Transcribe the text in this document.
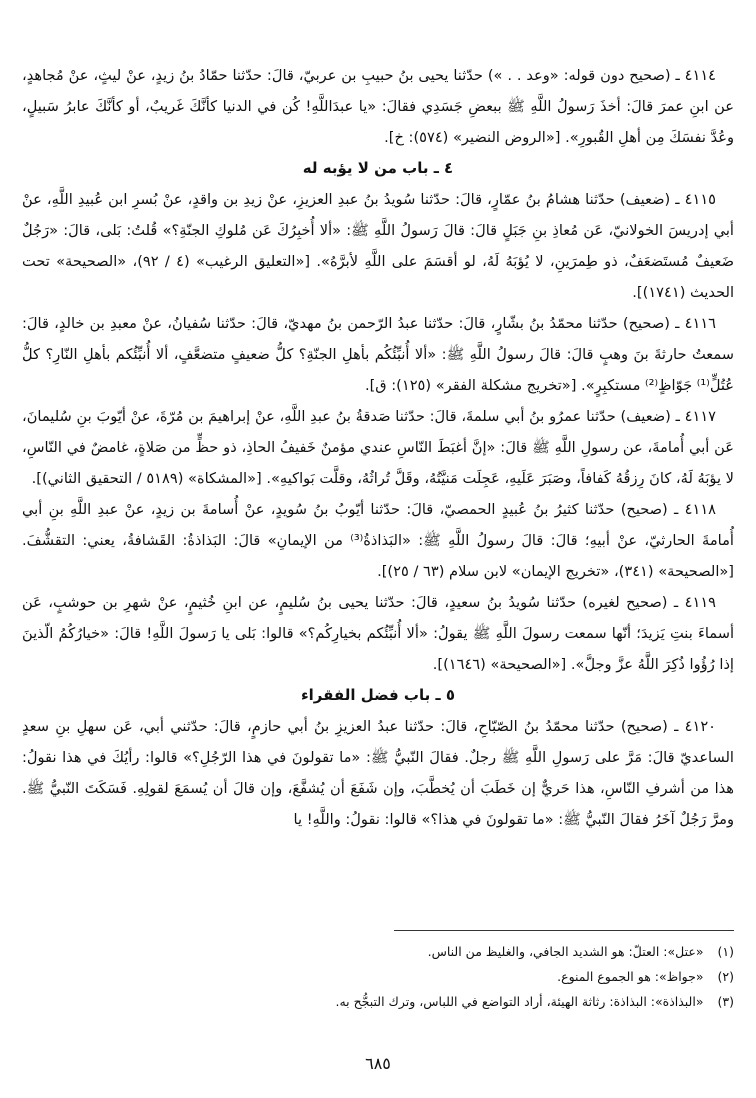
٤١١٤ ـ (صحيح دون قوله: «وعد . . ») حدّثنا يحيى بنُ حبيبِ بن عربيّ، قالَ: حدّثنا حمّادُ بنُ زيدٍ، عنْ ليثٍ، عنْ مُجاهدٍ، عن ابنِ عمرَ قالَ: أخذَ رَسولُ اللَّهِ ﷺ ببعضِ جَسَدِي فقالَ: «يا عبدَاللَّهِ! كُن في الدنيا كأنَّكَ غَريبٌ، أو كأنَّكَ عابرُ سَبيلٍ، وعُدَّ نفسَكَ مِن أهلِ القُبورِ». [«الروض النضير» (٥٧٤): خ].

٤ ـ باب من لا يؤبه له

٤١١٥ ـ (ضعيف) حدّثنا هشامُ بنُ عمّارٍ، قالَ: حدّثنا سُويدُ بنُ عبدِ العزيزِ، عنْ زيدِ بن واقدٍ، عنْ بُسرِ ابن عُبيدِ اللَّهِ، عنْ أبي إدريسَ الخولانيّ، عَن مُعاذِ بنِ جَبَلٍ قالَ: قالَ رَسولُ اللَّهِ ﷺ: «ألا أُخبِرُكَ عَن مُلوكِ الجنّةِ؟» قُلتُ: بَلى، قالَ: «رَجُلٌ ضَعيفٌ مُستَضعَفٌ، ذو طِمرَينِ، لا يُؤبَهُ لَهُ، لو أقسَمَ على اللَّهِ لأبرَّهُ». [«التعليق الرغيب» (٤ / ٩٢)، «الصحيحة» تحت الحديث (١٧٤١)].

٤١١٦ ـ (صحيح) حدّثنا محمّدُ بنُ بشّارٍ، قالَ: حدّثنا عبدُ الرّحمن بنُ مهديّ، قالَ: حدّثنا سُفيانُ، عنْ معبدِ بن خالدٍ، قالَ: سمعتُ حارثةَ بنَ وهبٍ قالَ: قالَ رسولُ اللَّهِ ﷺ: «ألا أُنبِّئُكُم بأهلِ الجنّةِ؟ كلُّ ضعيفٍ متضعَّفٍ، ألا أُنبِّئُكم بأهلِ النّارِ؟ كلُّ عُتُلٍّ⁽¹⁾ جَوّاظٍ⁽²⁾ مستكبِرٍ». [«تخريج مشكلة الفقر» (١٢٥): ق].

٤١١٧ ـ (ضعيف) حدّثنا عمرُو بنُ أبي سلمةَ، قالَ: حدّثنا صَدقةُ بنُ عبدِ اللَّهِ، عنْ إبراهيمَ بن مُرّةَ، عنْ أيّوبَ بنِ سُليمانَ، عَن أبي أُمامةَ، عن رسولِ اللَّهِ ﷺ قالَ: «إنَّ أغبَطَ النّاسِ عندي مؤمنٌ خَفيفُ الحاذِ، ذو حظٍّ من صَلاةٍ، غامضٌ في النّاسِ، لا يؤبَهُ لَهُ، كانَ رِزقُهُ كَفافاً، وصَبَرَ عَلَيهِ، عَجِلَت مَنيَّتُهُ، وقَلَّ تُراثُهُ، وقلَّت بَواكيهِ». [«المشكاة» (٥١٨٩ / التحقيق الثاني)].

٤١١٨ ـ (صحيح) حدّثنا كثيرُ بنُ عُبيدٍ الحمصيّ، قالَ: حدّثنا أيّوبُ بنُ سُويدٍ، عنْ أُسامةَ بن زيدٍ، عنْ عبدِ اللَّهِ بنِ أبي أُمامةَ الحارثيّ، عنْ أبيهِ؛ قالَ: قالَ رسولُ اللَّهِ ﷺ: «البَذاذةُ⁽³⁾ من الإيمانِ» قالَ: البَذاذةُ: القَشافةُ، يعني: التقشُّفَ. [«الصحيحة» (٣٤١)، «تخريج الإيمان» لابن سلام (٦٣ / ٢٥)].

٤١١٩ ـ (صحيح لغيره) حدّثنا سُويدُ بنُ سعيدٍ، قالَ: حدّثنا يحيى بنُ سُليمٍ، عن ابنِ خُثيمٍ، عنْ شهرِ بن حوشبٍ، عَن أسماءَ بنتِ يَزيدَ؛ أنّها سمعت رسولَ اللَّهِ ﷺ يقولُ: «ألا أُنبِّئُكم بخيارِكُم؟» قالوا: بَلى يا رَسولَ اللَّهِ! قالَ: «خيارُكُمُ الّذينَ إذا رُؤُوا ذُكِرَ اللَّهُ عزَّ وجلَّ». [«الصحيحة» (١٦٤٦)].

٥ ـ باب فضل الفقراء

٤١٢٠ ـ (صحيح) حدّثنا محمّدُ بنُ الصّبّاحِ، قالَ: حدّثنا عبدُ العزيزِ بنُ أبي حازمٍ، قالَ: حدّثني أبي، عَن سهلِ بنِ سعدٍ الساعديّ قالَ: مَرَّ على رَسولِ اللَّهِ ﷺ رجلٌ. فقالَ النّبيُّ ﷺ: «ما تقولونَ في هذا الرّجُلِ؟» قالوا: رأيُكَ في هذا نقولُ: هذا من أشرفِ النّاسِ، هذا حَريٌّ إن خَطَبَ أن يُخطَّبَ، وإن شَفَعَ أن يُشفَّعَ، وإن قالَ أن يُسمَعَ لقولِهِ. فَسَكَتَ النّبيُّ ﷺ. ومرَّ رَجُلٌ آخَرُ فقالَ النّبيُّ ﷺ: «ما تقولونَ في هذا؟» قالوا: نقولُ: واللَّهِ! يا

(١)
«عتل»: العتلّ: هو الشديد الجافي، والغليظ من الناس.
(٢)
«جواظ»: هو الجموع المنوع.
(٣)
«البذاذة»: البذاذة: رثاثة الهيئة، أراد التواضع في اللباس، وترك التبجُّح به.
٦٨٥
